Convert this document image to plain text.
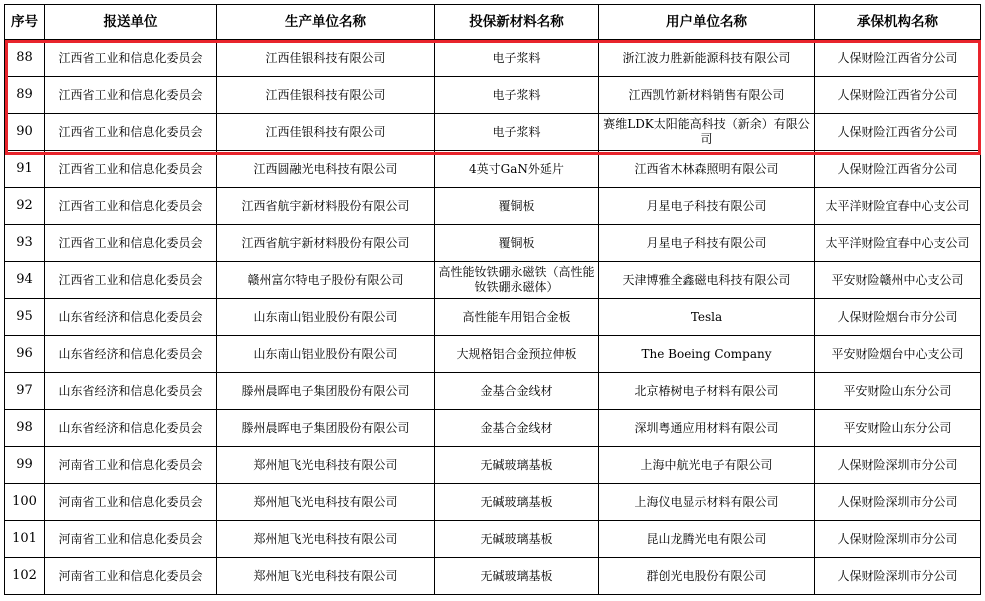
序号	报送单位	生产单位名称	投保新材料名称	用户单位名称	承保机构名称
88	江西省工业和信息化委员会	江西佳银科技有限公司	电子浆料	浙江波力胜新能源科技有限公司	人保财险江西省分公司
89	江西省工业和信息化委员会	江西佳银科技有限公司	电子浆料	江西凯竹新材料销售有限公司	人保财险江西省分公司
90	江西省工业和信息化委员会	江西佳银科技有限公司	电子浆料	赛维LDK太阳能高科技（新余）有限公司	人保财险江西省分公司
91	江西省工业和信息化委员会	江西圆融光电科技有限公司	4英寸GaN外延片	江西省木林森照明有限公司	人保财险江西省分公司
92	江西省工业和信息化委员会	江西省航宇新材料股份有限公司	覆铜板	月星电子科技有限公司	太平洋财险宜春中心支公司
93	江西省工业和信息化委员会	江西省航宇新材料股份有限公司	覆铜板	月星电子科技有限公司	太平洋财险宜春中心支公司
94	江西省工业和信息化委员会	赣州富尔特电子股份有限公司	高性能钕铁硼永磁铁（高性能钕铁硼永磁体）	天津博雅全鑫磁电科技有限公司	平安财险赣州中心支公司
95	山东省经济和信息化委员会	山东南山铝业股份有限公司	高性能车用铝合金板	Tesla	人保财险烟台市分公司
96	山东省经济和信息化委员会	山东南山铝业股份有限公司	大规格铝合金预拉伸板	The Boeing Company	平安财险烟台中心支公司
97	山东省经济和信息化委员会	滕州晨晖电子集团股份有限公司	金基合金线材	北京椿树电子材料有限公司	平安财险山东分公司
98	山东省经济和信息化委员会	滕州晨晖电子集团股份有限公司	金基合金线材	深圳粤通应用材料有限公司	平安财险山东分公司
99	河南省工业和信息化委员会	郑州旭飞光电科技有限公司	无碱玻璃基板	上海中航光电子有限公司	人保财险深圳市分公司
100	河南省工业和信息化委员会	郑州旭飞光电科技有限公司	无碱玻璃基板	上海仪电显示材料有限公司	人保财险深圳市分公司
101	河南省工业和信息化委员会	郑州旭飞光电科技有限公司	无碱玻璃基板	昆山龙腾光电有限公司	人保财险深圳市分公司
102	河南省工业和信息化委员会	郑州旭飞光电科技有限公司	无碱玻璃基板	群创光电股份有限公司	人保财险深圳市分公司
